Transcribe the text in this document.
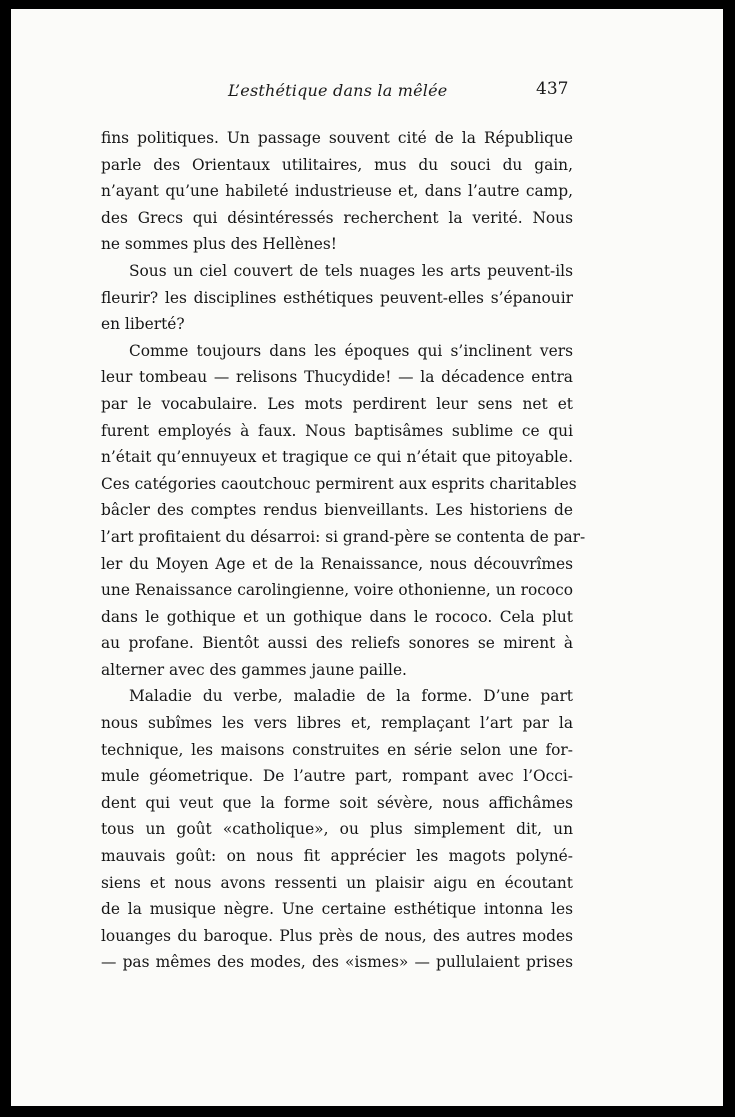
L’esthétique dans la mêlée	437
fins politiques. Un passage souvent cité de la République
parle des Orientaux utilitaires, mus du souci du gain,
n’ayant qu’une habileté industrieuse et, dans l’autre camp,
des Grecs qui désintéressés recherchent la verité. Nous
ne sommes plus des Hellènes!
Sous un ciel couvert de tels nuages les arts peuvent-ils
fleurir? les disciplines esthétiques peuvent-elles s’épanouir
en liberté?
Comme toujours dans les époques qui s’inclinent vers
leur tombeau — relisons Thucydide! — la décadence entra
par le vocabulaire. Les mots perdirent leur sens net et
furent employés à faux. Nous baptisâmes sublime ce qui
n’était qu’ennuyeux et tragique ce qui n’était que pitoyable.
Ces catégories caoutchouc permirent aux esprits charitables
bâcler des comptes rendus bienveillants. Les historiens de
l’art profitaient du désarroi: si grand-père se contenta de par-
ler du Moyen Age et de la Renaissance, nous découvrîmes
une Renaissance carolingienne, voire othonienne, un rococo
dans le gothique et un gothique dans le rococo. Cela plut
au profane. Bientôt aussi des reliefs sonores se mirent à
alterner avec des gammes jaune paille.
Maladie du verbe, maladie de la forme. D’une part
nous subîmes les vers libres et, remplaçant l’art par la
technique, les maisons construites en série selon une for-
mule géometrique. De l’autre part, rompant avec l’Occi-
dent qui veut que la forme soit sévère, nous affichâmes
tous un goût «catholique», ou plus simplement dit, un
mauvais goût: on nous fit apprécier les magots polyné-
siens et nous avons ressenti un plaisir aigu en écoutant
de la musique nègre. Une certaine esthétique intonna les
louanges du baroque. Plus près de nous, des autres modes
— pas mêmes des modes, des «ismes» — pullulaient prises
